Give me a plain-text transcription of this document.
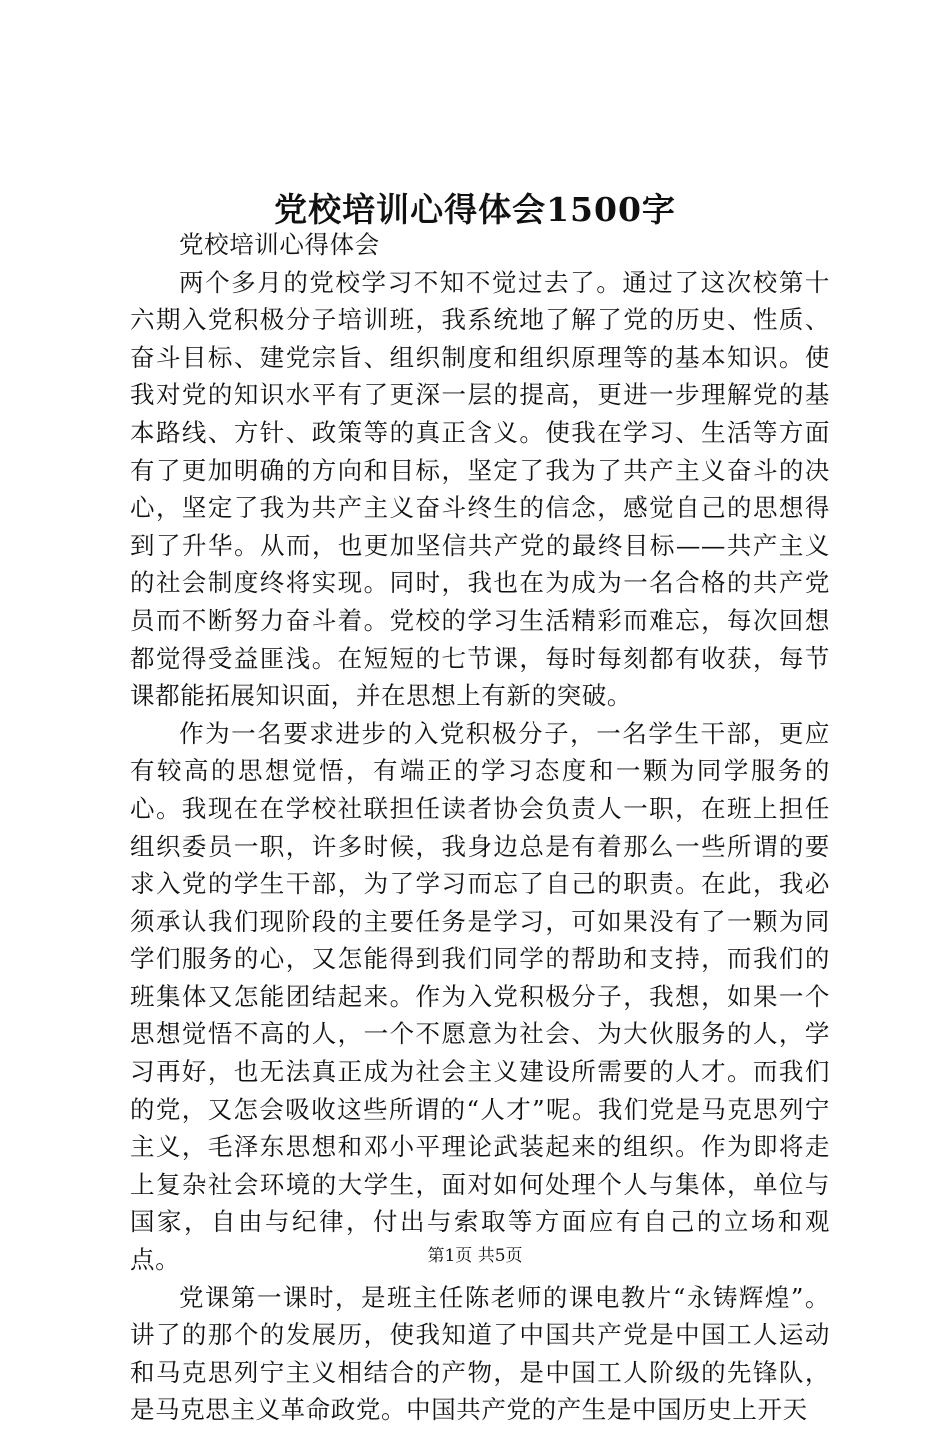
党校培训心得体会1500字

党校培训心得体会

两个多月的党校学习不知不觉过去了。通过了这次校第十六期入党积极分子培训班，我系统地了解了党的历史、性质、奋斗目标、建党宗旨、组织制度和组织原理等的基本知识。使我对党的知识水平有了更深一层的提高，更进一步理解党的基本路线、方针、政策等的真正含义。使我在学习、生活等方面有了更加明确的方向和目标，坚定了我为了共产主义奋斗的决心，坚定了我为共产主义奋斗终生的信念，感觉自己的思想得到了升华。从而，也更加坚信共产党的最终目标——共产主义的社会制度终将实现。同时，我也在为成为一名合格的共产党员而不断努力奋斗着。党校的学习生活精彩而难忘，每次回想都觉得受益匪浅。在短短的七节课，每时每刻都有收获，每节课都能拓展知识面，并在思想上有新的突破。

作为一名要求进步的入党积极分子，一名学生干部，更应有较高的思想觉悟，有端正的学习态度和一颗为同学服务的心。我现在在学校社联担任读者协会负责人一职，在班上担任组织委员一职，许多时候，我身边总是有着那么一些所谓的要求入党的学生干部，为了学习而忘了自己的职责。在此，我必须承认我们现阶段的主要任务是学习，可如果没有了一颗为同学们服务的心，又怎能得到我们同学的帮助和支持，而我们的班集体又怎能团结起来。作为入党积极分子，我想，如果一个思想觉悟不高的人，一个不愿意为社会、为大伙服务的人，学习再好，也无法真正成为社会主义建设所需要的人才。而我们的党，又怎会吸收这些所谓的“人才”呢。我们党是马克思列宁主义，毛泽东思想和邓小平理论武装起来的组织。作为即将走上复杂社会环境的大学生，面对如何处理个人与集体，单位与国家，自由与纪律，付出与索取等方面应有自己的立场和观点。

党课第一课时，是班主任陈老师的课电教片“永铸辉煌”。讲了的那个的发展历，使我知道了中国共产党是中国工人运动和马克思列宁主义相结合的产物，是中国工人阶级的先锋队，是马克思主义革命政党。中国共产党的产生是中国历史上开天

第1页 共5页
